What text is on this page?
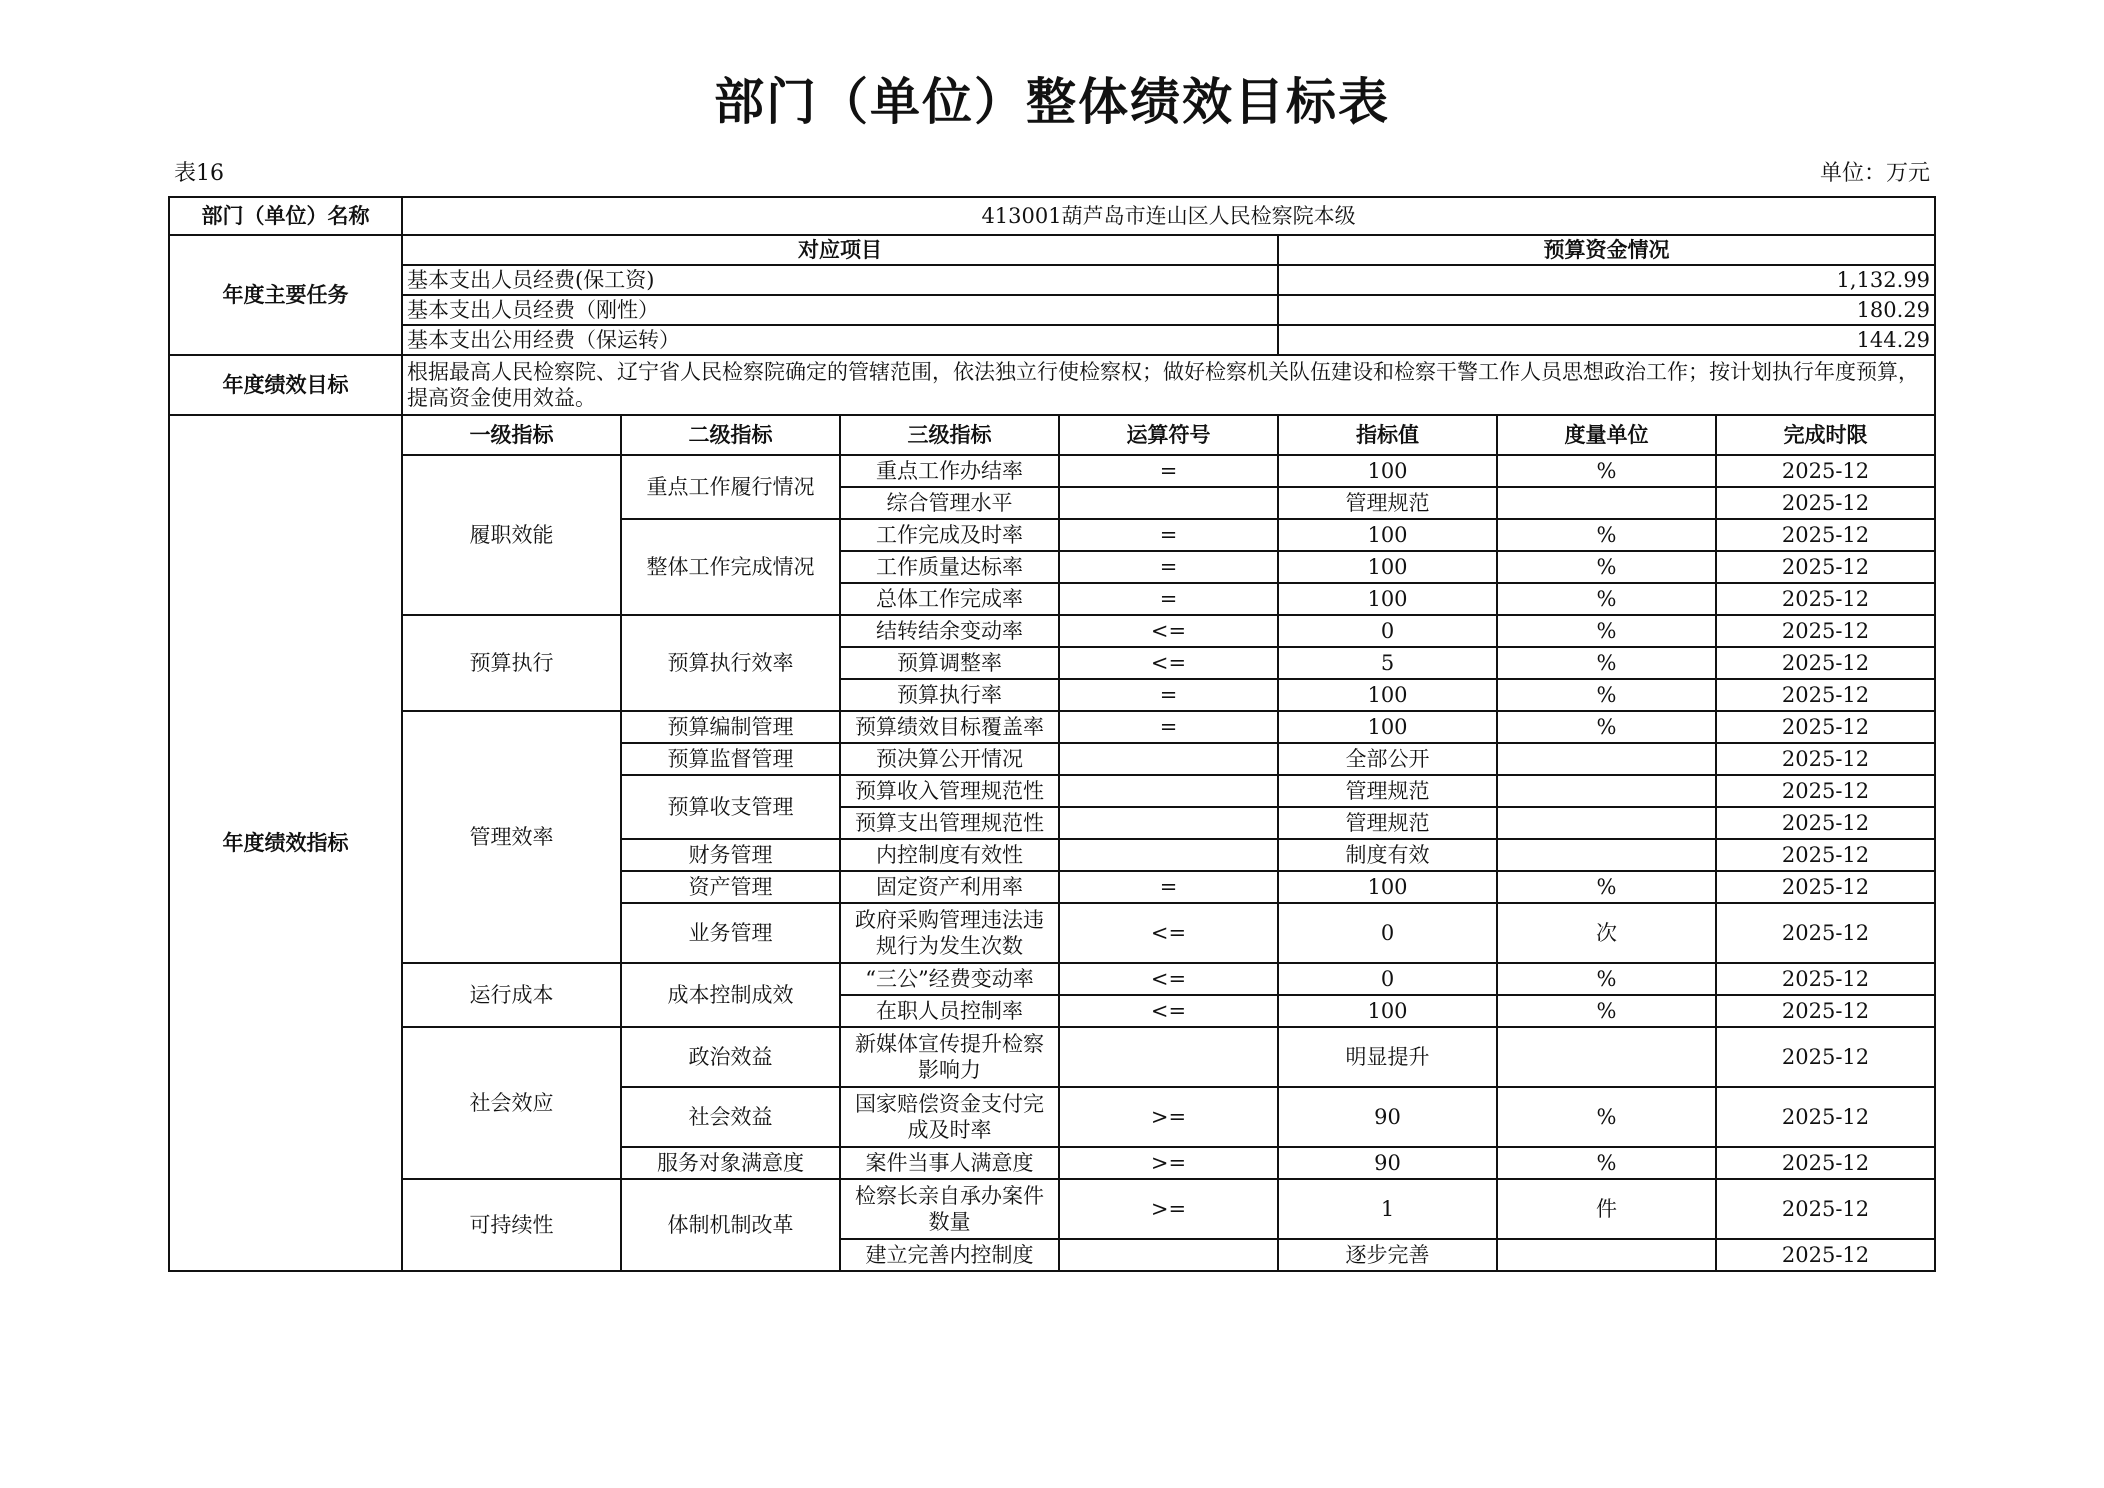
部门（单位）整体绩效目标表
表16	单位：万元
部门（单位）名称	413001葫芦岛市连山区人民检察院本级						
年度主要任务	对应项目				预算资金情况		
	基本支出人员经费(保工资)				1,132.99		
	基本支出人员经费（刚性）				180.29		
	基本支出公用经费（保运转）				144.29		
年度绩效目标	根据最高人民检察院、辽宁省人民检察院确定的管辖范围，依法独立行使检察权；做好检察机关队伍建设和检察干警工作人员思想政治工作；按计划执行年度预算，提高资金使用效益。						
年度绩效指标	一级指标	二级指标	三级指标	运算符号	指标值	度量单位	完成时限
	履职效能	重点工作履行情况	重点工作办结率	=	100	%	2025-12
			综合管理水平		管理规范		2025-12
		整体工作完成情况	工作完成及时率	=	100	%	2025-12
			工作质量达标率	=	100	%	2025-12
			总体工作完成率	=	100	%	2025-12
	预算执行	预算执行效率	结转结余变动率	<=	0	%	2025-12
			预算调整率	<=	5	%	2025-12
			预算执行率	=	100	%	2025-12
	管理效率	预算编制管理	预算绩效目标覆盖率	=	100	%	2025-12
		预算监督管理	预决算公开情况		全部公开		2025-12
		预算收支管理	预算收入管理规范性		管理规范		2025-12
			预算支出管理规范性		管理规范		2025-12
		财务管理	内控制度有效性		制度有效		2025-12
		资产管理	固定资产利用率	=	100	%	2025-12
		业务管理	政府采购管理违法违规行为发生次数	<=	0	次	2025-12
	运行成本	成本控制成效	“三公”经费变动率	<=	0	%	2025-12
			在职人员控制率	<=	100	%	2025-12
	社会效应	政治效益	新媒体宣传提升检察影响力		明显提升		2025-12
		社会效益	国家赔偿资金支付完成及时率	>=	90	%	2025-12
		服务对象满意度	案件当事人满意度	>=	90	%	2025-12
	可持续性	体制机制改革	检察长亲自承办案件数量	>=	1	件	2025-12
			建立完善内控制度		逐步完善		2025-12
